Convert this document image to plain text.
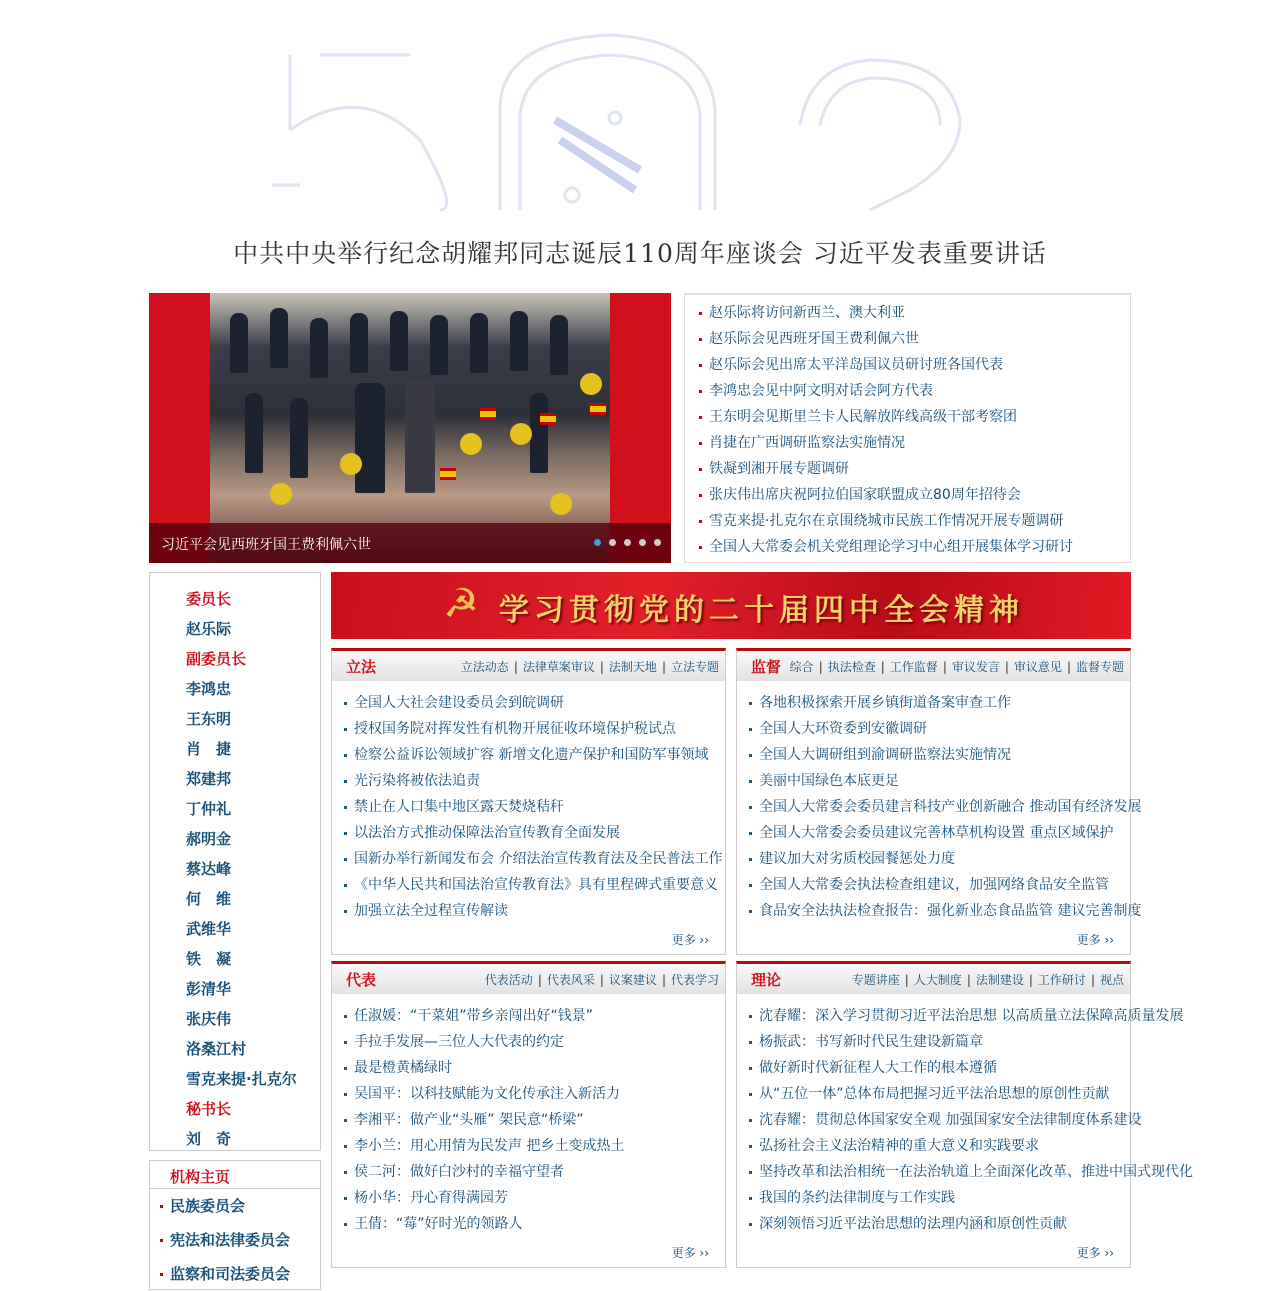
中共中央举行纪念胡耀邦同志诞辰110周年座谈会 习近平发表重要讲话
习近平会见西班牙国王费利佩六世
赵乐际将访问新西兰、澳大利亚
赵乐际会见西班牙国王费利佩六世
赵乐际会见出席太平洋岛国议员研讨班各国代表
李鸿忠会见中阿文明对话会阿方代表
王东明会见斯里兰卡人民解放阵线高级干部考察团
肖捷在广西调研监察法实施情况
铁凝到湘开展专题调研
张庆伟出席庆祝阿拉伯国家联盟成立80周年招待会
雪克来提·扎克尔在京围绕城市民族工作情况开展专题调研
全国人大常委会机关党组理论学习中心组开展集体学习研讨
委员长
赵乐际
副委员长
李鸿忠
王东明
肖　捷
郑建邦
丁仲礼
郝明金
蔡达峰
何　维
武维华
铁　凝
彭清华
张庆伟
洛桑江村
雪克来提·扎克尔
秘书长
刘　奇
机构主页
民族委员会
宪法和法律委员会
监察和司法委员会
☭ 学习贯彻党的二十届四中全会精神
立法	立法动态 | 法律草案审议 | 法制天地 | 立法专题
全国人大社会建设委员会到皖调研
授权国务院对挥发性有机物开展征收环境保护税试点
检察公益诉讼领域扩容 新增文化遗产保护和国防军事领域
光污染将被依法追责
禁止在人口集中地区露天焚烧秸秆
以法治方式推动保障法治宣传教育全面发展
国新办举行新闻发布会 介绍法治宣传教育法及全民普法工作
《中华人民共和国法治宣传教育法》具有里程碑式重要意义
加强立法全过程宣传解读
更多 ››
监督 综合 | 执法检查 | 工作监督 | 审议发言 | 审议意见 | 监督专题
各地积极探索开展乡镇街道备案审查工作
全国人大环资委到安徽调研
全国人大调研组到渝调研监察法实施情况
美丽中国绿色本底更足
全国人大常委会委员建言科技产业创新融合 推动国有经济发展
全国人大常委会委员建议完善林草机构设置 重点区域保护
建议加大对劣质校园餐惩处力度
全国人大常委会执法检查组建议，加强网络食品安全监管
食品安全法执法检查报告：强化新业态食品监管 建议完善制度
更多 ››
代表	代表活动 | 代表风采 | 议案建议 | 代表学习
任淑媛：“干菜姐”带乡亲闯出好“钱景”
手拉手发展—三位人大代表的约定
最是橙黄橘绿时
吴国平：以科技赋能为文化传承注入新活力
李湘平：做产业“头雁” 架民意“桥梁”
李小兰：用心用情为民发声 把乡土变成热土
侯二河：做好白沙村的幸福守望者
杨小华：丹心育得满园芳
王倩：“莓”好时光的领路人
更多 ››
理论	专题讲座 | 人大制度 | 法制建设 | 工作研讨 | 视点
沈春耀：深入学习贯彻习近平法治思想 以高质量立法保障高质量发展
杨振武：书写新时代民生建设新篇章
做好新时代新征程人大工作的根本遵循
从“五位一体”总体布局把握习近平法治思想的原创性贡献
沈春耀：贯彻总体国家安全观 加强国家安全法律制度体系建设
弘扬社会主义法治精神的重大意义和实践要求
坚持改革和法治相统一在法治轨道上全面深化改革、推进中国式现代化
我国的条约法律制度与工作实践
深刻领悟习近平法治思想的法理内涵和原创性贡献
更多 ››
